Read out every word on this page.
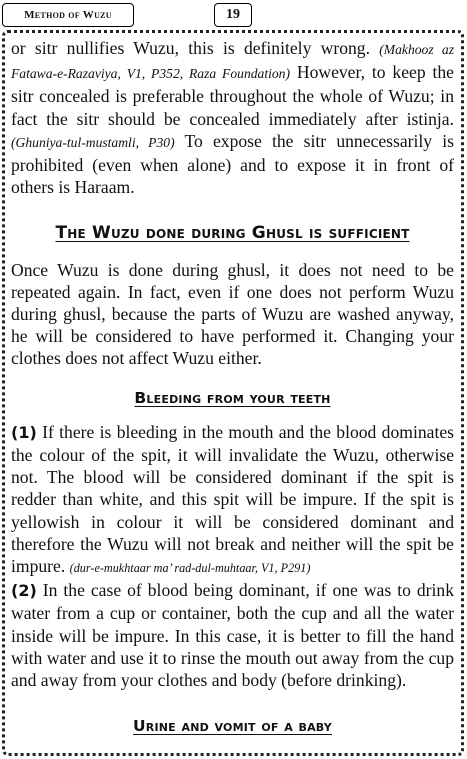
Method of Wuzu	19

or sitr nullifies Wuzu, this is definitely wrong. (Makhooz az Fatawa-e-Razaviya, V1, P352, Raza Foundation) However, to keep the sitr concealed is preferable throughout the whole of Wuzu; in fact the sitr should be concealed immediately after istinja. (Ghuniya-tul-mustamli, P30) To expose the sitr unnecessarily is prohibited (even when alone) and to expose it in front of others is Haraam.

The Wuzu done during Ghusl is sufficient

Once Wuzu is done during ghusl, it does not need to be repeated again. In fact, even if one does not perform Wuzu during ghusl, because the parts of Wuzu are washed anyway, he will be considered to have performed it. Changing your clothes does not affect Wuzu either.

Bleeding from your teeth

(1) If there is bleeding in the mouth and the blood dominates the colour of the spit, it will invalidate the Wuzu, otherwise not. The blood will be considered dominant if the spit is redder than white, and this spit will be impure. If the spit is yellowish in colour it will be considered dominant and therefore the Wuzu will not break and neither will the spit be impure. (dur-e-mukhtaar ma’ rad-dul-muhtaar, V1, P291)

(2) In the case of blood being dominant, if one was to drink water from a cup or container, both the cup and all the water inside will be impure. In this case, it is better to fill the hand with water and use it to rinse the mouth out away from the cup and away from your clothes and body (before drinking).

Urine and vomit of a baby
